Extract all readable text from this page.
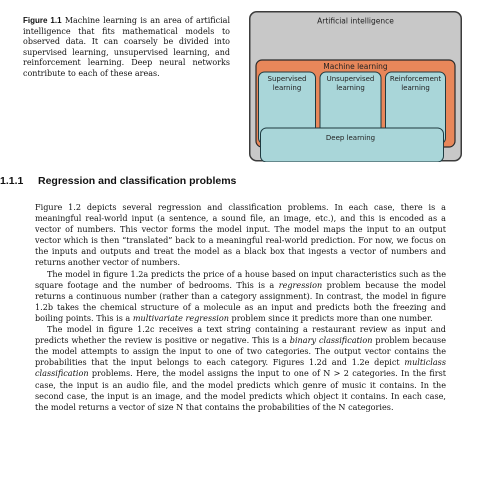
Figure 1.1 Machine learning is an area of artificial intelligence that fits mathematical models to observed data. It can coarsely be divided into supervised learning, unsupervised learning, and reinforcement learning. Deep neural networks contribute to each of these areas.
Artificial intelligence
Machine learning
Supervised
learning
Unsupervised
learning
Reinforcement
learning
Deep learning
1.1.1 Regression and classification problems

Figure 1.2 depicts several regression and classification problems. In each case, there is a meaningful real-world input (a sentence, a sound file, an image, etc.), and this is encoded as a vector of numbers. This vector forms the model input. The model maps the input to an output vector which is then “translated” back to a meaningful real-world prediction. For now, we focus on the inputs and outputs and treat the model as a black box that ingests a vector of numbers and returns another vector of numbers.

The model in figure 1.2a predicts the price of a house based on input characteristics such as the square footage and the number of bedrooms. This is a regression problem because the model returns a continuous number (rather than a category assignment). In contrast, the model in figure 1.2b takes the chemical structure of a molecule as an input and predicts both the freezing and boiling points. This is a multivariate regression problem since it predicts more than one number.

The model in figure 1.2c receives a text string containing a restaurant review as input and predicts whether the review is positive or negative. This is a binary classification problem because the model attempts to assign the input to one of two categories. The output vector contains the probabilities that the input belongs to each category. Figures 1.2d and 1.2e depict multiclass classification problems. Here, the model assigns the input to one of N > 2 categories. In the first case, the input is an audio file, and the model predicts which genre of music it contains. In the second case, the input is an image, and the model predicts which object it contains. In each case, the model returns a vector of size N that contains the probabilities of the N categories.
